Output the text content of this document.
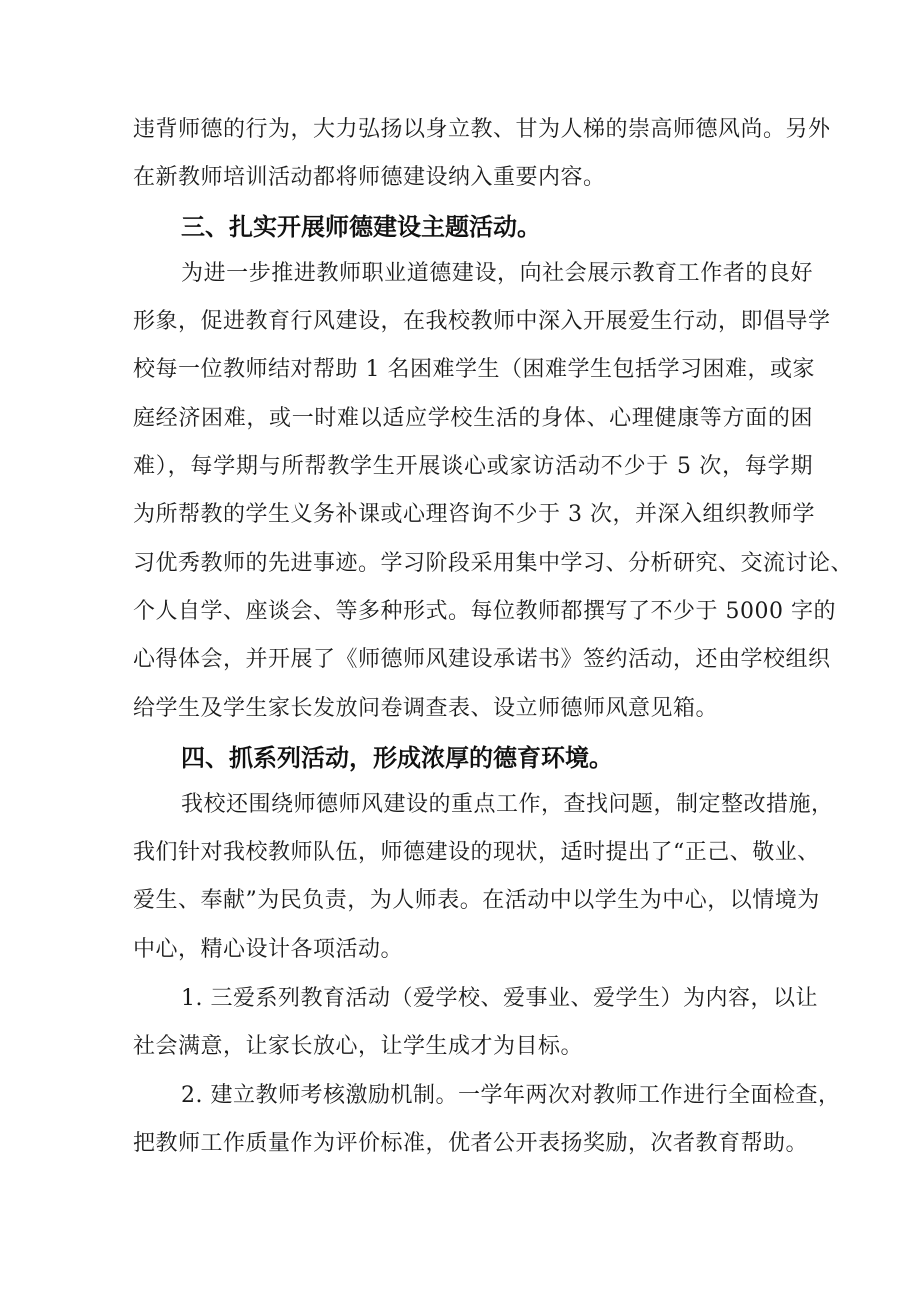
违背师德的行为，大力弘扬以身立教、甘为人梯的崇高师德风尚。另外
在新教师培训活动都将师德建设纳入重要内容。
三、扎实开展师德建设主题活动。
为进一步推进教师职业道德建设，向社会展示教育工作者的良好
形象，促进教育行风建设，在我校教师中深入开展爱生行动，即倡导学
校每一位教师结对帮助 1 名困难学生（困难学生包括学习困难，或家
庭经济困难，或一时难以适应学校生活的身体、心理健康等方面的困
难），每学期与所帮教学生开展谈心或家访活动不少于 5 次，每学期
为所帮教的学生义务补课或心理咨询不少于 3 次，并深入组织教师学
习优秀教师的先进事迹。学习阶段采用集中学习、分析研究、交流讨论、
个人自学、座谈会、等多种形式。每位教师都撰写了不少于 5000 字的
心得体会，并开展了《师德师风建设承诺书》签约活动，还由学校组织
给学生及学生家长发放问卷调查表、设立师德师风意见箱。
四、抓系列活动，形成浓厚的德育环境。
我校还围绕师德师风建设的重点工作，查找问题，制定整改措施，
我们针对我校教师队伍，师德建设的现状，适时提出了“正己、敬业、
爱生、奉献”为民负责，为人师表。在活动中以学生为中心，以情境为
中心，精心设计各项活动。
1. 三爱系列教育活动（爱学校、爱事业、爱学生）为内容，以让
社会满意，让家长放心，让学生成才为目标。
2. 建立教师考核激励机制。一学年两次对教师工作进行全面检查，
把教师工作质量作为评价标准，优者公开表扬奖励，次者教育帮助。
